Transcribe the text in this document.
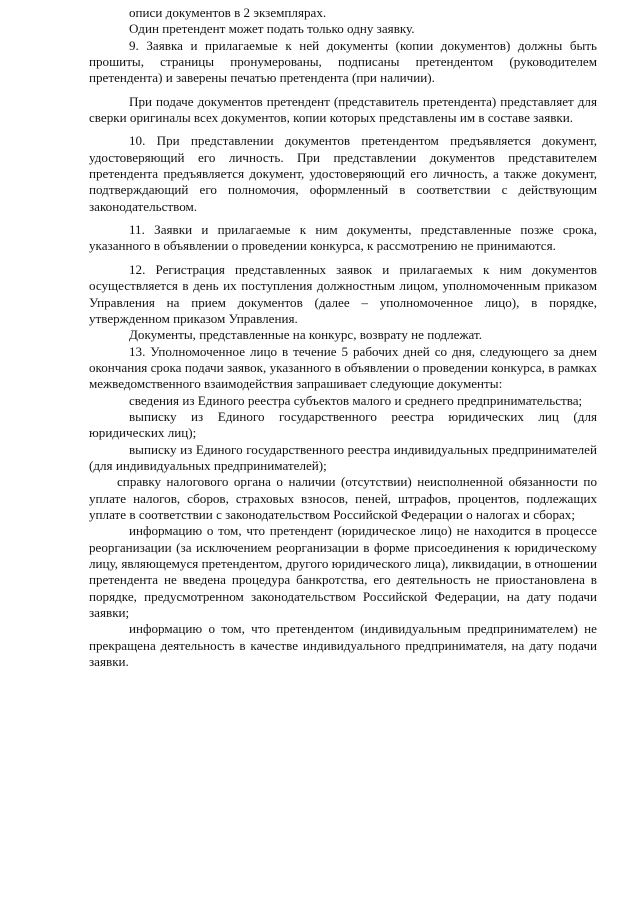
описи документов в 2 экземплярах.

Один претендент может подать только одну заявку.

9. Заявка и прилагаемые к ней документы (копии документов) должны быть прошиты, страницы пронумерованы, подписаны претендентом (руководителем претендента) и заверены печатью претендента (при наличии).

При подаче документов претендент (представитель претендента) представляет для сверки оригиналы всех документов, копии которых представлены им в составе заявки.

10. При представлении документов претендентом предъявляется документ, удостоверяющий его личность. При представлении документов представителем претендента предъявляется документ, удостоверяющий его личность, а также документ, подтверждающий его полномочия, оформленный в соответствии с действующим законодательством.

11. Заявки и прилагаемые к ним документы, представленные позже срока, указанного в объявлении о проведении конкурса, к рассмотрению не принимаются.

12. Регистрация представленных заявок и прилагаемых к ним документов осуществляется в день их поступления должностным лицом, уполномоченным приказом Управления на прием документов (далее – уполномоченное лицо), в порядке, утвержденном приказом Управления.

Документы, представленные на конкурс, возврату не подлежат.

13. Уполномоченное лицо в течение 5 рабочих дней со дня, следующего за днем окончания срока подачи заявок, указанного в объявлении о проведении конкурса, в рамках межведомственного взаимодействия запрашивает следующие документы:

сведения из Единого реестра субъектов малого и среднего предпринимательства;

выписку из Единого государственного реестра юридических лиц (для юридических лиц);

выписку из Единого государственного реестра индивидуальных предпринимателей (для индивидуальных предпринимателей);

справку налогового органа о наличии (отсутствии) неисполненной обязанности по уплате налогов, сборов, страховых взносов, пеней, штрафов, процентов, подлежащих уплате в соответствии с законодательством Российской Федерации о налогах и сборах;

информацию о том, что претендент (юридическое лицо) не находится в процессе реорганизации (за исключением реорганизации в форме присоединения к юридическому лицу, являющемуся претендентом, другого юридического лица), ликвидации, в отношении претендента не введена процедура банкротства, его деятельность не приостановлена в порядке, предусмотренном законодательством Российской Федерации, на дату подачи заявки;

информацию о том, что претендентом (индивидуальным предпринимателем) не прекращена деятельность в качестве индивидуального предпринимателя, на дату подачи заявки.
